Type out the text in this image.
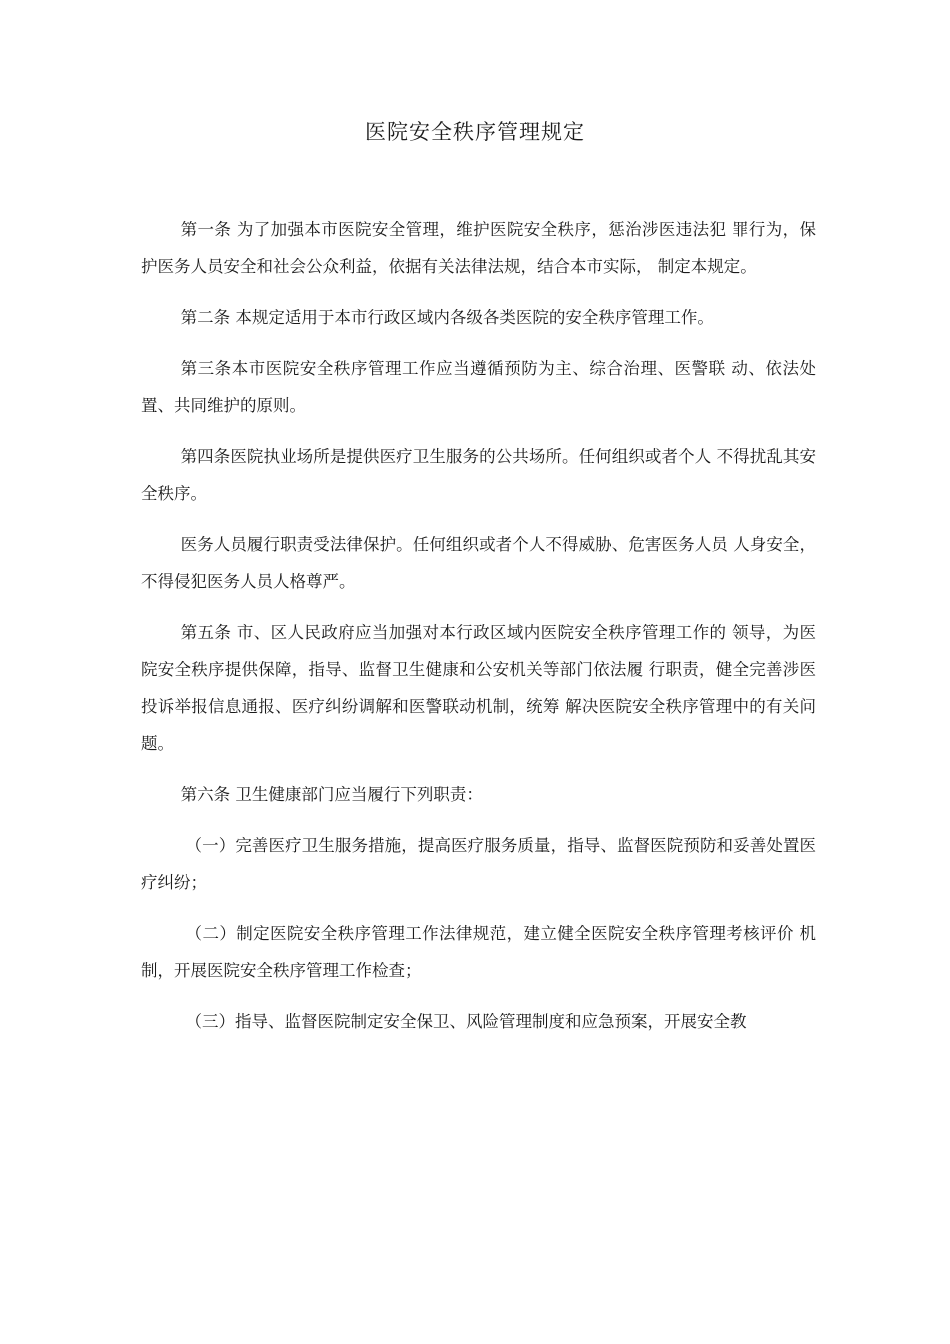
医院安全秩序管理规定

第一条 为了加强本市医院安全管理，维护医院安全秩序，惩治涉医违法犯 罪行为，保护医务人员安全和社会公众利益，依据有关法律法规，结合本市实际， 制定本规定。

第二条 本规定适用于本市行政区域内各级各类医院的安全秩序管理工作。

第三条本市医院安全秩序管理工作应当遵循预防为主、综合治理、医警联 动、依法处置、共同维护的原则。

第四条医院执业场所是提供医疗卫生服务的公共场所。任何组织或者个人 不得扰乱其安全秩序。

医务人员履行职责受法律保护。任何组织或者个人不得威胁、危害医务人员 人身安全，不得侵犯医务人员人格尊严。

第五条 市、区人民政府应当加强对本行政区域内医院安全秩序管理工作的 领导，为医院安全秩序提供保障，指导、监督卫生健康和公安机关等部门依法履 行职责，健全完善涉医投诉举报信息通报、医疗纠纷调解和医警联动机制，统筹 解决医院安全秩序管理中的有关问题。

第六条 卫生健康部门应当履行下列职责：

（一）完善医疗卫生服务措施，提高医疗服务质量，指导、监督医院预防和妥善处置医疗纠纷；

（二）制定医院安全秩序管理工作法律规范，建立健全医院安全秩序管理考核评价 机制，开展医院安全秩序管理工作检查；

（三）指导、监督医院制定安全保卫、风险管理制度和应急预案，开展安全教
